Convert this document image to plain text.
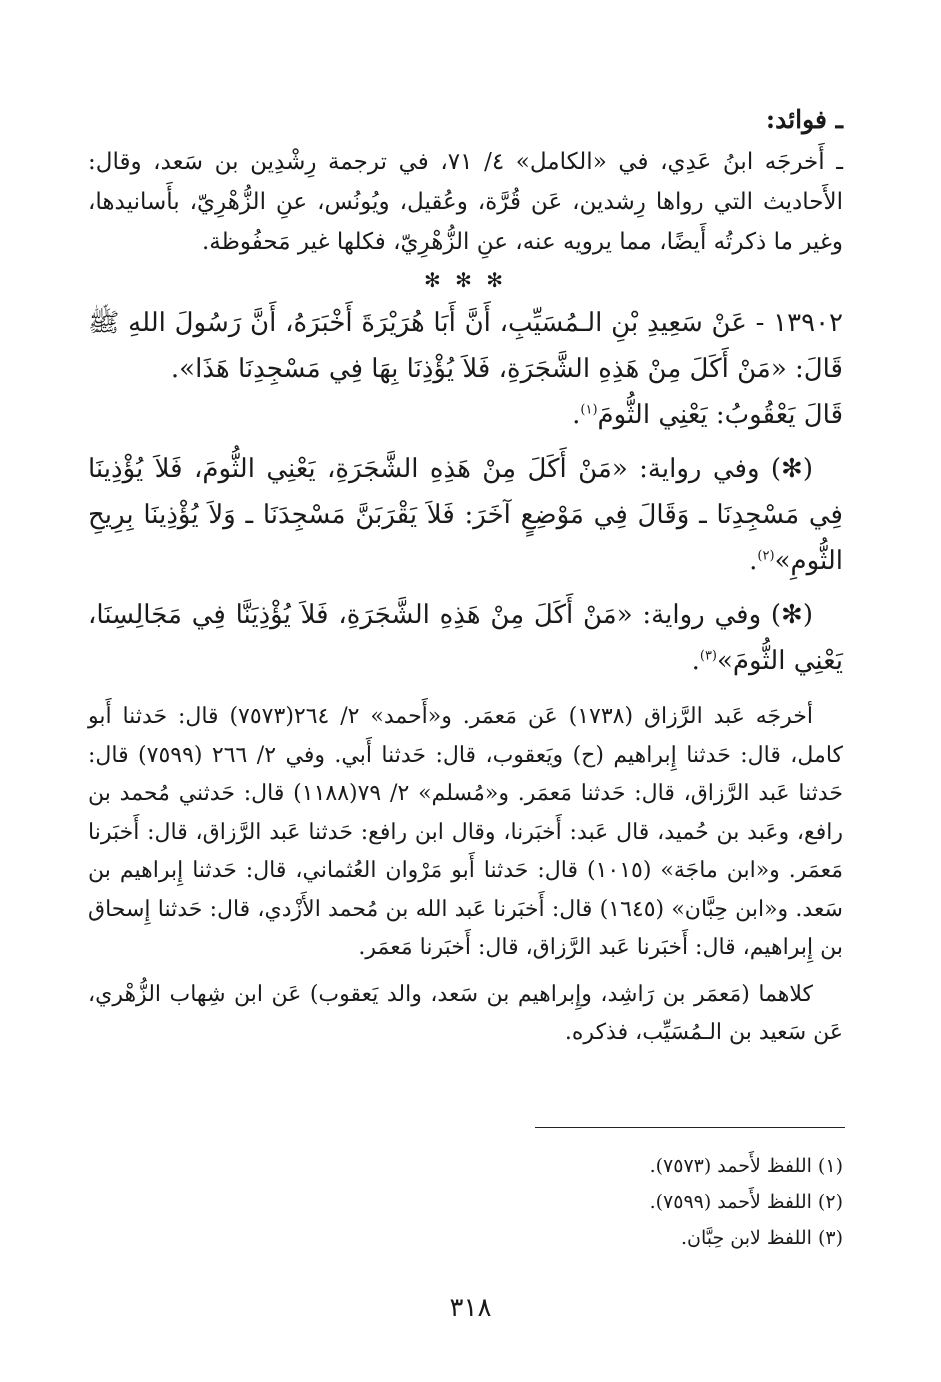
ـ فوائد:

ـ أَخرجَه ابنُ عَدِي، في «الكامل» ٤/ ٧١، في ترجمة رِشْدِين بن سَعد، وقال: الأَحاديث التي رواها رِشدين، عَن قُرَّة، وعُقيل، ويُونُس، عنِ الزُّهْرِيّ، بأَسانيدها، وغير ما ذكرتُه أَيضًا، مما يرويه عنه، عنِ الزُّهْرِيّ، فكلها غير مَحفُوظة.

✻ ✻ ✻

١٣٩٠٢ - عَنْ سَعِيدِ بْنِ الـمُسَيِّبِ، أَنَّ أَبَا هُرَيْرَةَ أَخْبَرَهُ، أَنَّ رَسُولَ اللهِ ﷺ قَالَ: «مَنْ أَكَلَ مِنْ هَذِهِ الشَّجَرَةِ، فَلاَ يُؤْذِنَا بِهَا فِي مَسْجِدِنَا هَذَا».

قَالَ يَعْقُوبُ: يَعْنِي الثُّومَ$^{(١)}$.

(✻) وفي رواية: «مَنْ أَكَلَ مِنْ هَذِهِ الشَّجَرَةِ، يَعْنِي الثُّومَ، فَلاَ يُؤْذِينَا فِي مَسْجِدِنَا ـ وَقَالَ فِي مَوْضِعٍ آخَرَ: فَلاَ يَقْرَبَنَّ مَسْجِدَنَا ـ وَلاَ يُؤْذِينَا بِرِيحِ الثُّومِ»$^{(٢)}$.

(✻) وفي رواية: «مَنْ أَكَلَ مِنْ هَذِهِ الشَّجَرَةِ، فَلاَ يُؤْذِيَنَّا فِي مَجَالِسِنَا، يَعْنِي الثُّومَ»$^{(٣)}$.

أخرجَه عَبد الرَّزاق (١٧٣٨) عَن مَعمَر. و«أَحمد» ٢/ ٢٦٤(٧٥٧٣) قال: حَدثنا أَبو كامل، قال: حَدثنا إِبراهيم (ح) ويَعقوب، قال: حَدثنا أَبي. وفي ٢/ ٢٦٦ (٧٥٩٩) قال: حَدثنا عَبد الرَّزاق، قال: حَدثنا مَعمَر. و«مُسلم» ٢/ ٧٩(١١٨٨) قال: حَدثني مُحمد بن رافع، وعَبد بن حُميد، قال عَبد: أَخبَرنا، وقال ابن رافع: حَدثنا عَبد الرَّزاق، قال: أَخبَرنا مَعمَر. و«ابن ماجَة» (١٠١٥) قال: حَدثنا أَبو مَرْوان العُثماني، قال: حَدثنا إِبراهيم بن سَعد. و«ابن حِبَّان» (١٦٤٥) قال: أَخبَرنا عَبد الله بن مُحمد الأَزْدي، قال: حَدثنا إِسحاق بن إِبراهيم، قال: أَخبَرنا عَبد الرَّزاق، قال: أَخبَرنا مَعمَر.

كلاهما (مَعمَر بن رَاشِد، وإِبراهيم بن سَعد، والد يَعقوب) عَن ابن شِهاب الزُّهْري، عَن سَعيد بن الـمُسَيِّب، فذكره.

(١) اللفظ لأَحمد (٧٥٧٣).

(٢) اللفظ لأَحمد (٧٥٩٩).

(٣) اللفظ لابن حِبَّان.

٣١٨
